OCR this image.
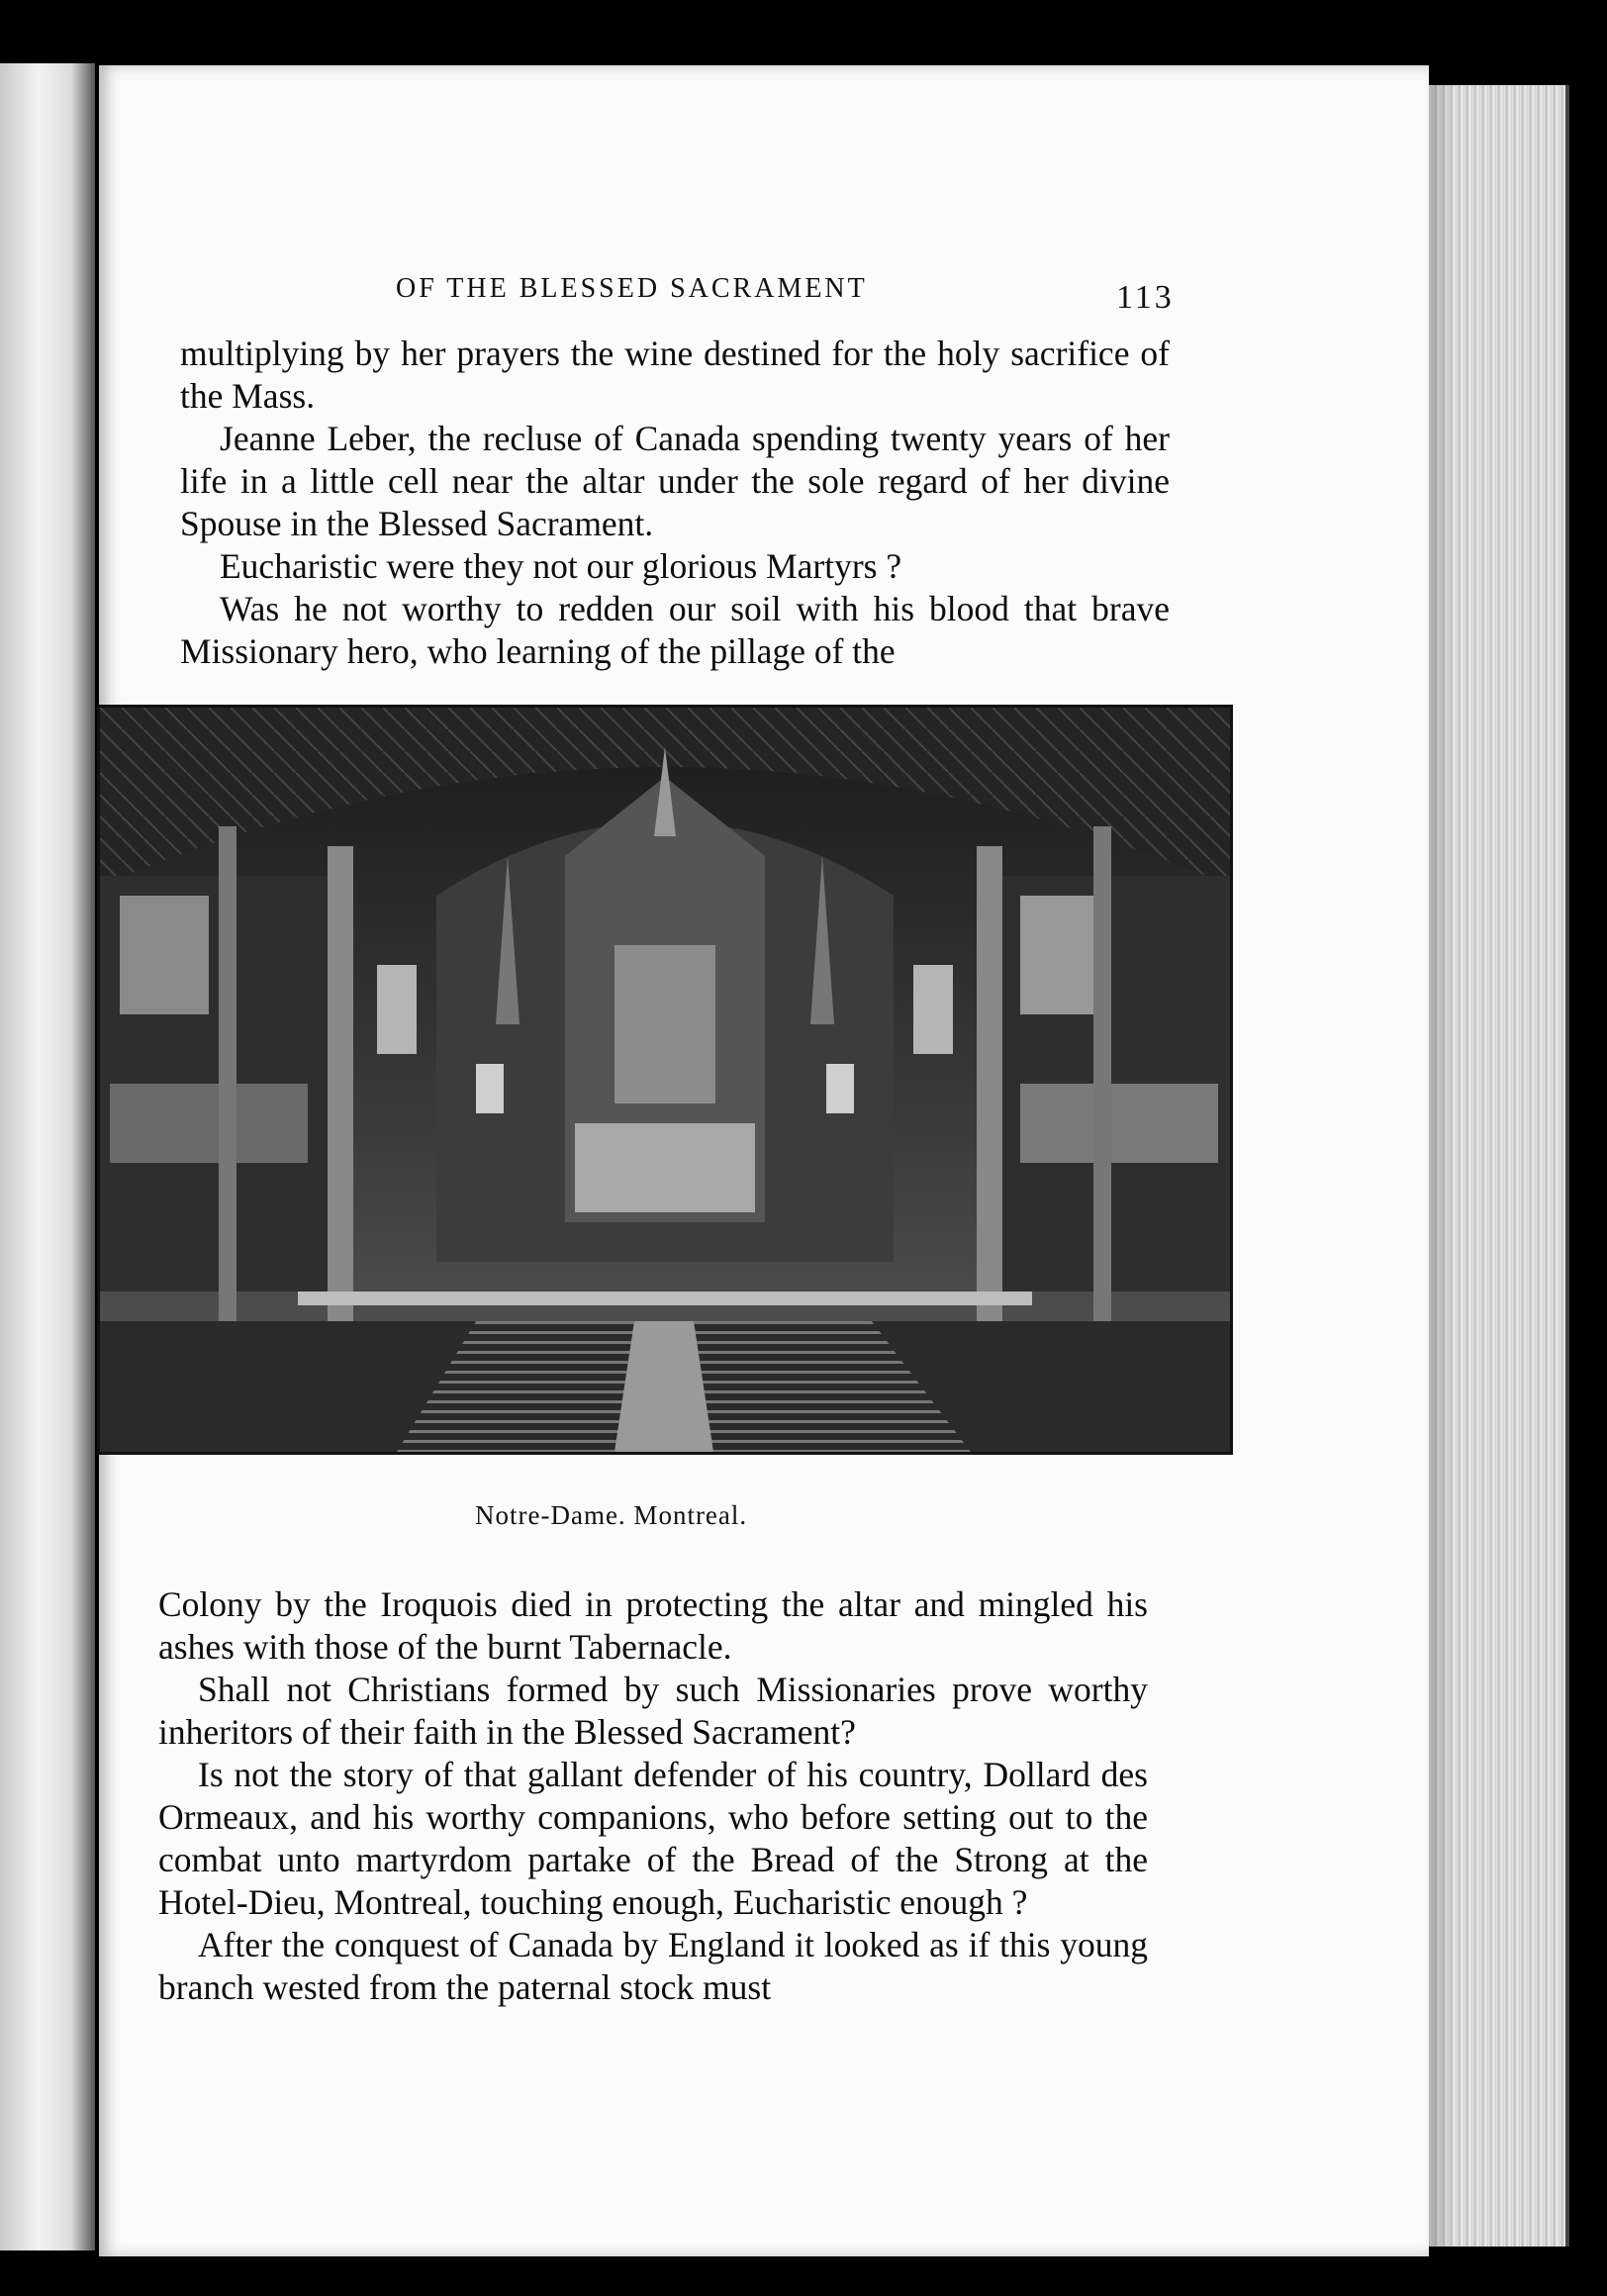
OF THE BLESSED SACRAMENT	113

multiplying by her prayers the wine destined for the holy sacrifice of the Mass.

Jeanne Leber, the recluse of Canada spending twenty years of her life in a little cell near the altar under the sole regard of her divine Spouse in the Blessed Sacrament.

Eucharistic were they not our glorious Martyrs ?

Was he not worthy to redden our soil with his blood that brave Missionary hero, who learning of the pillage of the

Notre-Dame. Montreal.

Colony by the Iroquois died in protecting the altar and mingled his ashes with those of the burnt Tabernacle.

Shall not Christians formed by such Missionaries prove worthy inheritors of their faith in the Blessed Sacrament?

Is not the story of that gallant defender of his country, Dollard des Ormeaux, and his worthy companions, who before setting out to the combat unto martyrdom partake of the Bread of the Strong at the Hotel-Dieu, Montreal, touching enough, Eucharistic enough ?

After the conquest of Canada by England it looked as if this young branch wested from the paternal stock must
